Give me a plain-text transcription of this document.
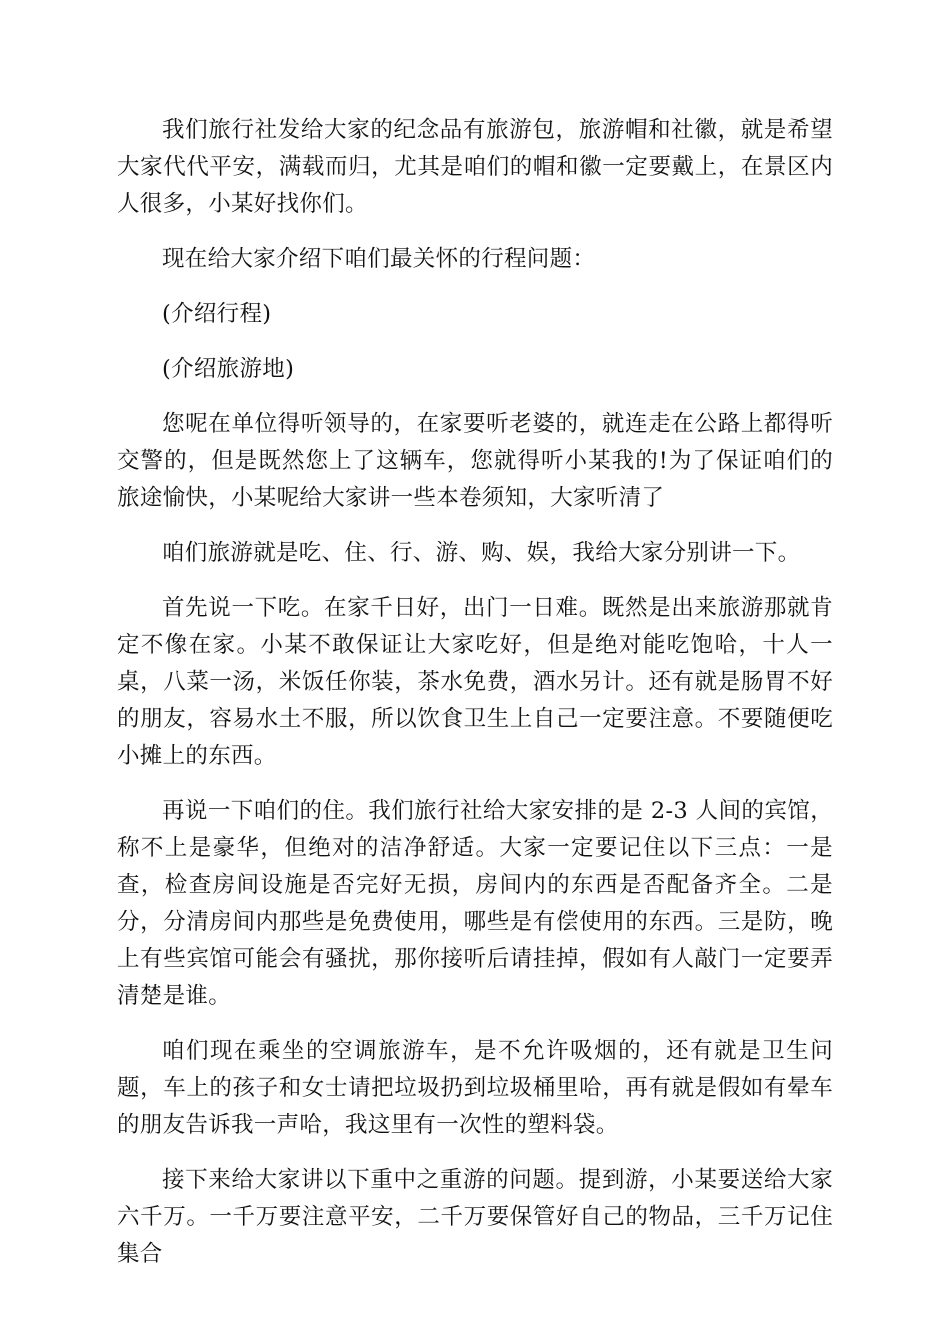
我们旅行社发给大家的纪念品有旅游包，旅游帽和社徽，就是希望大家代代平安，满载而归，尤其是咱们的帽和徽一定要戴上，在景区内人很多，小某好找你们。

现在给大家介绍下咱们最关怀的行程问题：

(介绍行程)

(介绍旅游地)

您呢在单位得听领导的，在家要听老婆的，就连走在公路上都得听交警的，但是既然您上了这辆车，您就得听小某我的!为了保证咱们的旅途愉快，小某呢给大家讲一些本卷须知，大家听清了

咱们旅游就是吃、住、行、游、购、娱，我给大家分别讲一下。

首先说一下吃。在家千日好，出门一日难。既然是出来旅游那就肯定不像在家。小某不敢保证让大家吃好，但是绝对能吃饱哈，十人一桌，八菜一汤，米饭任你装，茶水免费，酒水另计。还有就是肠胃不好的朋友，容易水土不服，所以饮食卫生上自己一定要注意。不要随便吃小摊上的东西。

再说一下咱们的住。我们旅行社给大家安排的是 2-3 人间的宾馆，称不上是豪华，但绝对的洁净舒适。大家一定要记住以下三点：一是查，检查房间设施是否完好无损，房间内的东西是否配备齐全。二是分，分清房间内那些是免费使用，哪些是有偿使用的东西。三是防，晚上有些宾馆可能会有骚扰，那你接听后请挂掉，假如有人敲门一定要弄清楚是谁。

咱们现在乘坐的空调旅游车，是不允许吸烟的，还有就是卫生问题，车上的孩子和女士请把垃圾扔到垃圾桶里哈，再有就是假如有晕车的朋友告诉我一声哈，我这里有一次性的塑料袋。

接下来给大家讲以下重中之重游的问题。提到游，小某要送给大家六千万。一千万要注意平安，二千万要保管好自己的物品，三千万记住集合
